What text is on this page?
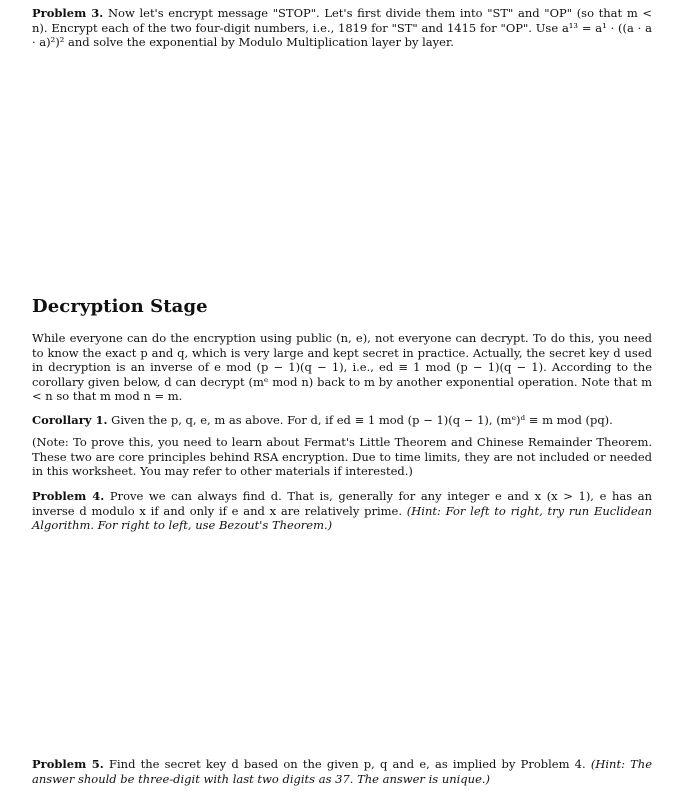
Problem 3. Now let's encrypt message "STOP". Let's first divide them into "ST" and "OP" (so that m < n). Encrypt each of the two four-digit numbers, i.e., 1819 for "ST" and 1415 for "OP". Use a¹³ = a¹ · ((a · a · a)²)² and solve the exponential by Modulo Multiplication layer by layer.

Decryption Stage

While everyone can do the encryption using public (n, e), not everyone can decrypt. To do this, you need to know the exact p and q, which is very large and kept secret in practice. Actually, the secret key d used in decryption is an inverse of e mod (p − 1)(q − 1), i.e., ed ≡ 1 mod (p − 1)(q − 1). According to the corollary given below, d can decrypt (mᵉ mod n) back to m by another exponential operation. Note that m < n so that m mod n = m.

Corollary 1. Given the p, q, e, m as above. For d, if ed ≡ 1 mod (p − 1)(q − 1), (mᵉ)ᵈ ≡ m mod (pq).

(Note: To prove this, you need to learn about Fermat's Little Theorem and Chinese Remainder Theorem. These two are core principles behind RSA encryption. Due to time limits, they are not included or needed in this worksheet. You may refer to other materials if interested.)

Problem 4. Prove we can always find d. That is, generally for any integer e and x (x > 1), e has an inverse d modulo x if and only if e and x are relatively prime. (Hint: For left to right, try run Euclidean Algorithm. For right to left, use Bezout's Theorem.)

Problem 5. Find the secret key d based on the given p, q and e, as implied by Problem 4. (Hint: The answer should be three-digit with last two digits as 37. The answer is unique.)
